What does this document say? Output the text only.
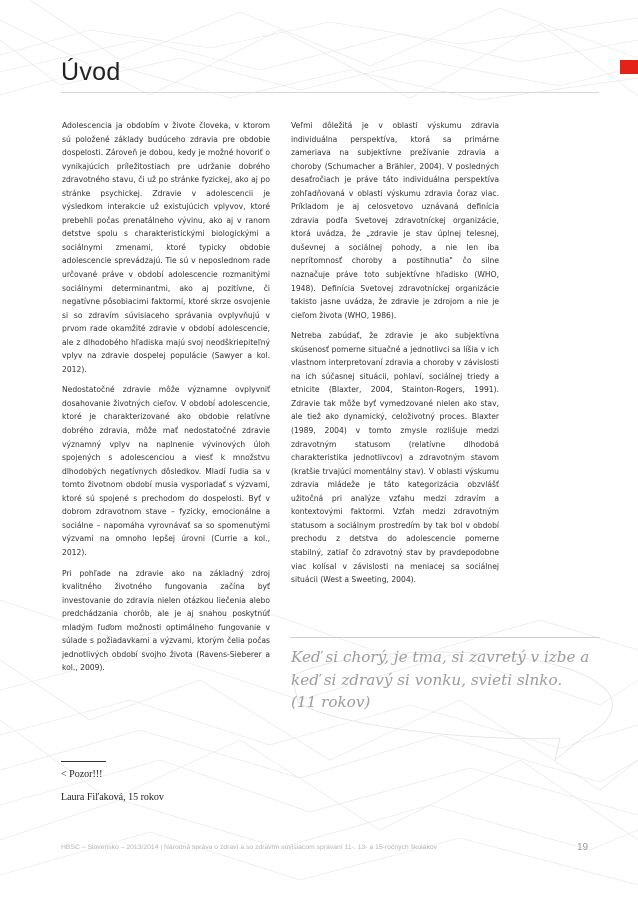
Úvod

Adolescencia ja obdobím v živote človeka, v ktorom sú položené základy budúceho zdravia pre obdobie dospelosti. Zároveň je dobou, kedy je možné hovoriť o vynikajúcich príležitostiach pre udržanie dobrého zdravotného stavu, či už po stránke fyzickej, ako aj po stránke psychickej. Zdravie v adolescencii je výsledkom interakcie už existujúcich vplyvov, ktoré prebehli počas prenatálneho vývinu, ako aj v ranom detstve spolu s charakteristickými biologickými a sociálnymi zmenami, ktoré typicky obdobie adolescencie sprevádzajú. Tie sú v neposlednom rade určované práve v období adolescencie rozmanitými sociálnymi determinantmi, ako aj pozitívne, či negatívne pôsobiacimi faktormi, ktoré skrze osvojenie si so zdravím súvisiaceho správania ovplyvňujú v prvom rade okamžité zdravie v období adolescencie, ale z dlhodobého hľadiska majú svoj neodškriepiteľný vplyv na zdravie dospelej populácie (Sawyer a kol. 2012).

Nedostatočné zdravie môže významne ovplyvniť dosahovanie životných cieľov. V období adolescencie, ktoré je charakterizované ako obdobie relatívne dobrého zdravia, môže mať nedostatočné zdravie významný vplyv na naplnenie vývinových úloh spojených s adolescenciou a viesť k množstvu dlhodobých negatívnych dôsledkov. Mladí ľudia sa v tomto životnom období musia vysporiadať s výzvami, ktoré sú spojené s prechodom do dospelosti. Byť v dobrom zdravotnom stave – fyzicky, emocionálne a sociálne – napomáha vyrovnávať sa so spomenutými výzvami na omnoho lepšej úrovni (Currie a kol., 2012).

Pri pohľade na zdravie ako na základný zdroj kvalitného životného fungovania začína byť investovanie do zdravia nielen otázkou liečenia alebo predchádzania chorôb, ale je aj snahou poskytnúť mladým ľuďom možnosti optimálneho fungovanie v súlade s požiadavkami a výzvami, ktorým čelia počas jednotlivých období svojho života (Ravens-Sieberer a kol., 2009).

Veľmi dôležitá je v oblasti výskumu zdravia individuálna perspektíva, ktorá sa primárne zameriava na subjektívne prežívanie zdravia a choroby (Schumacher a Brähler, 2004). V posledných desaťročiach je práve táto individuálna perspektíva zohľadňovaná v oblasti výskumu zdravia čoraz viac. Príkladom je aj celosvetovo uznávaná definícia zdravia podľa Svetovej zdravotníckej organizácie, ktorá uvádza, že „zdravie je stav úplnej telesnej, duševnej a sociálnej pohody, a nie len iba neprítomnosť choroby a postihnutia" čo silne naznačuje práve toto subjektívne hľadisko (WHO, 1948). Definícia Svetovej zdravotníckej organizácie takisto jasne uvádza, že zdravie je zdrojom a nie je cieľom života (WHO, 1986).

Netreba zabúdať, že zdravie je ako subjektívna skúsenosť pomerne situačné a jednotlivci sa líšia v ich vlastnom interpretovaní zdravia a choroby v závislosti na ich súčasnej situácii, pohlaví, sociálnej triedy a etnicite (Blaxter, 2004, Stainton-Rogers, 1991). Zdravie tak môže byť vymedzované nielen ako stav, ale tiež ako dynamický, celoživotný proces. Blaxter (1989, 2004) v tomto zmysle rozlišuje medzi zdravotným statusom (relatívne dlhodobá charakteristika jednotlivcov) a zdravotným stavom (kratšie trvajúci momentálny stav). V oblasti výskumu zdravia mládeže je táto kategorizácia obzvlášť užitočná pri analýze vzťahu medzi zdravím a kontextovými faktormi. Vzťah medzi zdravotným statusom a sociálnym prostredím by tak bol v období prechodu z detstva do adolescencie pomerne stabilný, zatiaľ čo zdravotný stav by pravdepodobne viac kolísal v závislosti na meniacej sa sociálnej situácii (West a Sweeting, 2004).

Keď si chorý, je tma, si zavretý v izbe a keď si zdravý si vonku, svieti slnko. (11 rokov)

< Pozor!!!
Laura Fiľaková, 15 rokov
HBSC – Slovensko – 2013/2014 | Národná správa o zdraví a so zdravím súvisiacom správaní 11-, 13- a 15-ročných školákov	19
